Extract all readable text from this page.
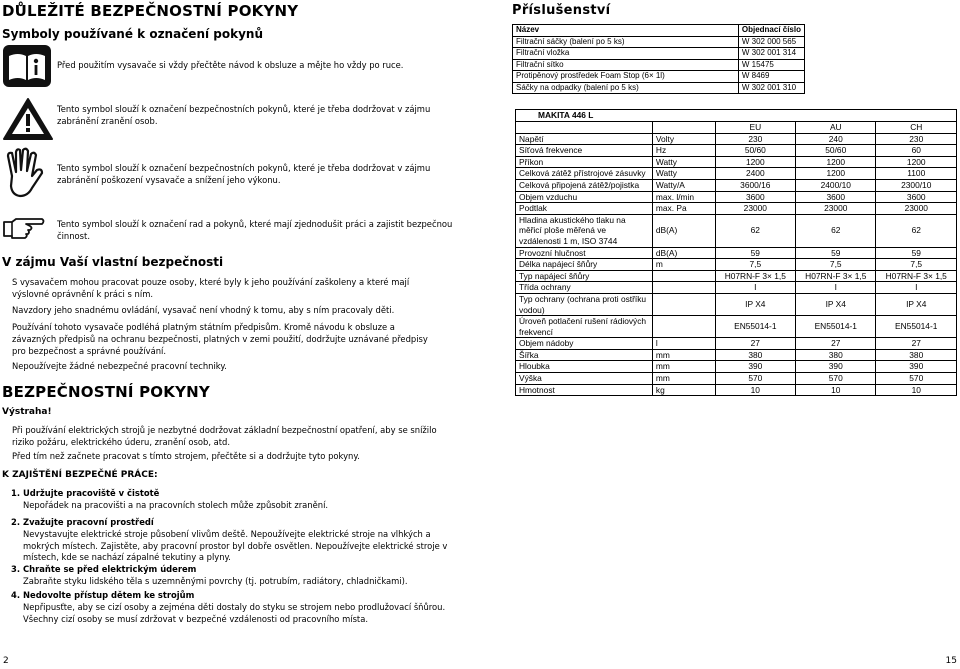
DŮLEŽITÉ BEZPEČNOSTNÍ POKYNY
Symboly používané k označení pokynů
Před použitím vysavače si vždy přečtěte návod k obsluze a mějte ho vždy po ruce.
Tento symbol slouží k označení bezpečnostních pokynů, které je třeba dodržovat v zájmu zabránění zranění osob.
Tento symbol slouží k označení bezpečnostních pokynů, které je třeba dodržovat v zájmu zabránění poškození vysavače a snížení jeho výkonu.
Tento symbol slouží k označení rad a pokynů, které mají zjednodušit práci a zajistit bezpečnou činnost.
V zájmu Vaší vlastní bezpečnosti
S vysavačem mohou pracovat pouze osoby, které byly k jeho používání zaškoleny a které mají výslovné oprávnění k práci s ním.
Navzdory jeho snadnému ovládání, vysavač není vhodný k tomu, aby s ním pracovaly děti.
Používání tohoto vysavače podléhá platným státním předpisům. Kromě návodu k obsluze a závazných předpisů na ochranu bezpečnosti, platných v zemi použití, dodržujte uznávané předpisy pro bezpečnost a správné používání.
Nepoužívejte žádné nebezpečné pracovní techniky.
BEZPEČNOSTNÍ POKYNY
Výstraha!
Při používání elektrických strojů je nezbytné dodržovat základní bezpečnostní opatření, aby se snížilo riziko požáru, elektrického úderu, zranění osob, atd.
Před tím než začnete pracovat s tímto strojem, přečtěte si a dodržujte tyto pokyny.
K ZAJIŠTĚNÍ BEZPEČNÉ PRÁCE:
1. Udržujte pracoviště v čistotě
Nepořádek na pracovišti a na pracovních stolech může způsobit zranění.
2. Zvažujte pracovní prostředí
Nevystavujte elektrické stroje působení vlivům deště. Nepoužívejte elektrické stroje na vlhkých a mokrých místech. Zajistěte, aby pracovní prostor byl dobře osvětlen. Nepoužívejte elektrické stroje v místech, kde se nachází zápalné tekutiny a plyny.
3. Chraňte se před elektrickým úderem
Zabraňte styku lidského těla s uzemněnými povrchy (tj. potrubím, radiátory, chladničkami).
4. Nedovolte přístup dětem ke strojům
Nepřipusťte, aby se cizí osoby a zejména děti dostaly do styku se strojem nebo prodlužovací šňůrou. Všechny cizí osoby se musí zdržovat v bezpečné vzdálenosti od pracovního místa.
2
Příslušenství
Název	Objednací číslo
Filtrační sáčky (balení po 5 ks)	W 302 000 565
Filtrační vložka	W 302 001 314
Filtrační sítko	W 15475
Protipěnový prostředek Foam Stop (6× 1l)	W 8469
Sáčky na odpadky (balení po 5 ks)	W 302 001 310
MAKITA 446 L				
		EU	AU	CH
Napětí	Volty	230	240	230
Síťová frekvence	Hz	50/60	50/60	60
Příkon	Watty	1200	1200	1200
Celková zátěž přístrojové zásuvky	Watty	2400	1200	1100
Celková připojená zátěž/pojistka	Watty/A	3600/16	2400/10	2300/10
Objem vzduchu	max. l/min	3600	3600	3600
Podtlak	max. Pa	23000	23000	23000
Hladina akustického tlaku na měřicí ploše měřená ve vzdálenosti 1 m, ISO 3744	dB(A)	62	62	62
Provozní hlučnost	dB(A)	59	59	59
Délka napájecí šňůry	m	7,5	7,5	7,5
Typ napájecí šňůry		H07RN-F 3× 1,5	H07RN-F 3× 1,5	H07RN-F 3× 1,5
Třída ochrany		I	I	I
Typ ochrany (ochrana proti ostříku vodou)		IP X4	IP X4	IP X4
Úroveň potlačení rušení rádiových frekvencí		EN55014-1	EN55014-1	EN55014-1
Objem nádoby	l	27	27	27
Šířka	mm	380	380	380
Hloubka	mm	390	390	390
Výška	mm	570	570	570
Hmotnost	kg	10	10	10
15
